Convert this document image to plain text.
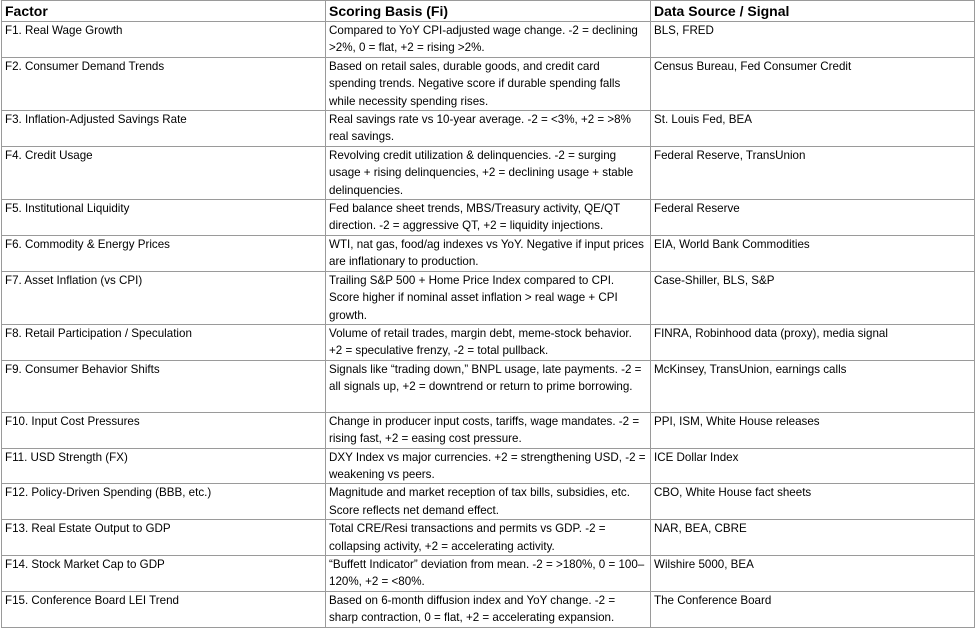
Factor	Scoring Basis (Fi)	Data Source / Signal
F1. Real Wage Growth	Compared to YoY CPI-adjusted wage change. -2 = declining >2%, 0 = flat, +2 = rising >2%.	BLS, FRED
F2. Consumer Demand Trends	Based on retail sales, durable goods, and credit card spending trends. Negative score if durable spending falls while necessity spending rises.	Census Bureau, Fed Consumer Credit
F3. Inflation-Adjusted Savings Rate	Real savings rate vs 10-year average. -2 = <3%, +2 = >8% real savings.	St. Louis Fed, BEA
F4. Credit Usage	Revolving credit utilization & delinquencies. -2 = surging usage + rising delinquencies, +2 = declining usage + stable delinquencies.	Federal Reserve, TransUnion
F5. Institutional Liquidity	Fed balance sheet trends, MBS/Treasury activity, QE/QT direction. -2 = aggressive QT, +2 = liquidity injections.	Federal Reserve
F6. Commodity & Energy Prices	WTI, nat gas, food/ag indexes vs YoY. Negative if input prices are inflationary to production.	EIA, World Bank Commodities
F7. Asset Inflation (vs CPI)	Trailing S&P 500 + Home Price Index compared to CPI. Score higher if nominal asset inflation > real wage + CPI growth.	Case-Shiller, BLS, S&P
F8. Retail Participation / Speculation	Volume of retail trades, margin debt, meme-stock behavior. +2 = speculative frenzy, -2 = total pullback.	FINRA, Robinhood data (proxy), media signal
F9. Consumer Behavior Shifts	Signals like “trading down,” BNPL usage, late payments. -2 = all signals up, +2 = downtrend or return to prime borrowing.	McKinsey, TransUnion, earnings calls
F10. Input Cost Pressures	Change in producer input costs, tariffs, wage mandates. -2 = rising fast, +2 = easing cost pressure.	PPI, ISM, White House releases
F11. USD Strength (FX)	DXY Index vs major currencies. +2 = strengthening USD, -2 = weakening vs peers.	ICE Dollar Index
F12. Policy-Driven Spending (BBB, etc.)	Magnitude and market reception of tax bills, subsidies, etc. Score reflects net demand effect.	CBO, White House fact sheets
F13. Real Estate Output to GDP	Total CRE/Resi transactions and permits vs GDP. -2 = collapsing activity, +2 = accelerating activity.	NAR, BEA, CBRE
F14. Stock Market Cap to GDP	“Buffett Indicator” deviation from mean. -2 = >180%, 0 = 100–120%, +2 = <80%.	Wilshire 5000, BEA
F15. Conference Board LEI Trend	Based on 6-month diffusion index and YoY change. -2 = sharp contraction, 0 = flat, +2 = accelerating expansion.	The Conference Board
